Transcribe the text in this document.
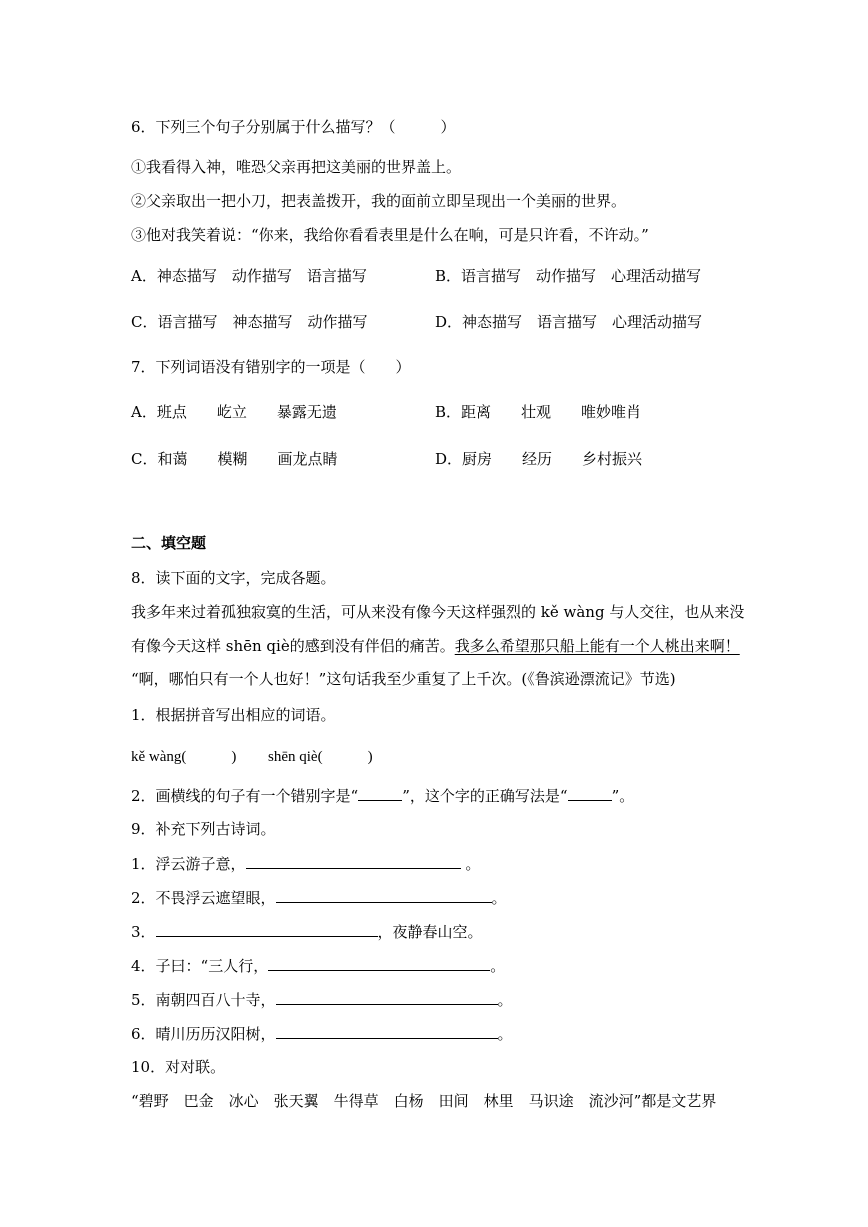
6．下列三个句子分别属于什么描写？（　　　）
①我看得入神，唯恐父亲再把这美丽的世界盖上。
②父亲取出一把小刀，把表盖拨开，我的面前立即呈现出一个美丽的世界。
③他对我笑着说：“你来，我给你看看表里是什么在响，可是只许看，不许动。”
A．神态描写　动作描写　语言描写	B．语言描写　动作描写　心理活动描写
C．语言描写　神态描写　动作描写	D．神态描写　语言描写　心理活动描写
7．下列词语没有错别字的一项是（　　）
A．班点　　屹立　　暴露无遗	B．距离　　壮观　　唯妙唯肖
C．和蔼　　模糊　　画龙点睛	D．厨房　　经历　　乡村振兴
二、填空题
8．读下面的文字，完成各题。
我多年来过着孤独寂寞的生活，可从来没有像今天这样强烈的 kě wàng 与人交往，也从来没
有像今天这样 shēn qiè的感到没有伴侣的痛苦。我多么希望那只船上能有一个人桃出来啊！
“啊，哪怕只有一个人也好！”这句话我至少重复了上千次。(《鲁滨逊漂流记》节选)
1．根据拼音写出相应的词语。
kě wàng(　　　) shēn qiè(　　　)
2．画横线的句子有一个错别字是“	”，这个字的正确写法是“	”。
9．补充下列古诗词。
1．浮云游子意，	。
2．不畏浮云遮望眼，	。
3．	，夜静春山空。
4．子曰：“三人行，	。
5．南朝四百八十寺，	。
6．晴川历历汉阳树，	。
10．对对联。
“碧野　巴金　冰心　张天翼　牛得草　白杨　田间　林里　马识途　流沙河”都是文艺界
